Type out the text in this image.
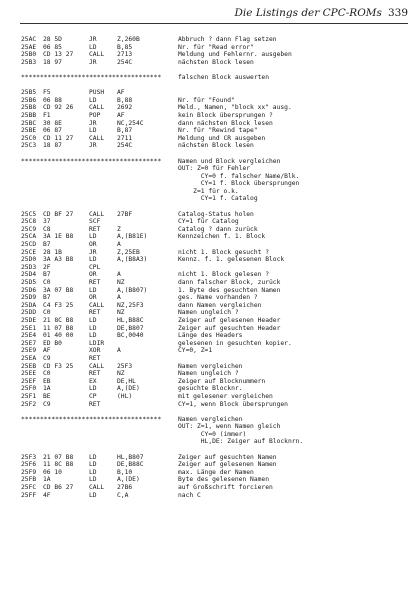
Die Listings der CPC-ROMs 339
25AC 28 5D	JR	Z,260B	Abbruch ? dann Flag setzen
25AE 06 85	LD	B,85	Nr. für "Read error"
25B0 CD 13 27 CALL 2713	Meldung und Fehlernr. ausgeben
25B3 18 97	JR	254C	nächsten Block lesen
*************************************	falschen Block auswerten
25B5 F5	PUSH AF
25B6 06 88	LD	B,88	Nr. für "Found"
25B8 CD 92 26 CALL 2692	Meld., Namen, "block xx" ausg.
25BB F1	POP	AF	kein Block übersprungen ?
25BC 30 8E	JR	NC,254C	dann nächsten Block lesen
25BE 06 87	LD	B,87	Nr. für "Rewind tape"
25C0 CD 11 27 CALL 2711	Meldung und CR ausgeben
25C3 18 87	JR	254C	nächsten Block lesen
*************************************	Namen und Block vergleichen
OUT: Z=0 für Fehler
CY=0 f. falscher Name/Blk.
CY=1 f. Block übersprungen
Z=1 für o.k.
CY=1 f. Catalog
25C5 CD BF 27 CALL 27BF	Catalog-Status holen
25C8 37	SCF	CY=1 für Catalog
25C9 C8	RET	Z	Catalog ? dann zurück
25CA 3A 1E B8 LD	A,(B81E)	Kennzeichen f. 1. Block
25CD B7	OR	A
25CE 28 1B	JR	Z,25EB	nicht 1. Block gesucht ?
25D0 3A A3 B8 LD	A,(B8A3)	Kennz. f. 1. gelesenen Block
25D3 2F	CPL
25D4 B7	OR	A	nicht 1. Block gelesen ?
25D5 C0	RET	NZ	dann falscher Block, zurück
25D6 3A 07 B8 LD	A,(B807)	1. Byte des gesuchten Namen
25D9 B7	OR	A	ges. Name vorhanden ?
25DA C4 F3 25 CALL NZ,25F3	dann Namen vergleichen
25DD C0	RET	NZ	Namen ungleich ?
25DE 21 8C B8 LD	HL,B88C	Zeiger auf gelesenen Header
25E1 11 07 B8 LD	DE,B807	Zeiger auf gesuchten Header
25E4 01 40 00 LD	BC,0040	Länge des Headers
25E7 ED B0	LDIR	gelesenen in gesuchten kopier.
25E9 AF	XOR	A	CY=0, Z=1
25EA C9	RET
25EB CD F3 25 CALL 25F3	Namen vergleichen
25EE C0	RET	NZ	Namen ungleich ?
25EF EB	EX	DE,HL	Zeiger auf Blocknummern
25F0 1A	LD	A,(DE)	gesuchte Blocknr.
25F1 BE	CP	(HL)	mit gelesener vergleichen
25F2 C9	RET	CY=1, wenn Block übersprungen
*************************************	Namen vergleichen
OUT: Z=1, wenn Namen gleich
CY=0 (immer)
HL,DE: Zeiger auf Blocknrn.
25F3 21 07 B8 LD	HL,B807	Zeiger auf gesuchten Namen
25F6 11 8C B8 LD	DE,B88C	Zeiger auf gelesenen Namen
25F9 06 10	LD	B,10	max. Länge der Namen
25FB 1A	LD	A,(DE)	Byte des gelesenen Namen
25FC CD B6 27 CALL 27B6	auf Großschrift forcieren
25FF 4F	LD	C,A	nach C
